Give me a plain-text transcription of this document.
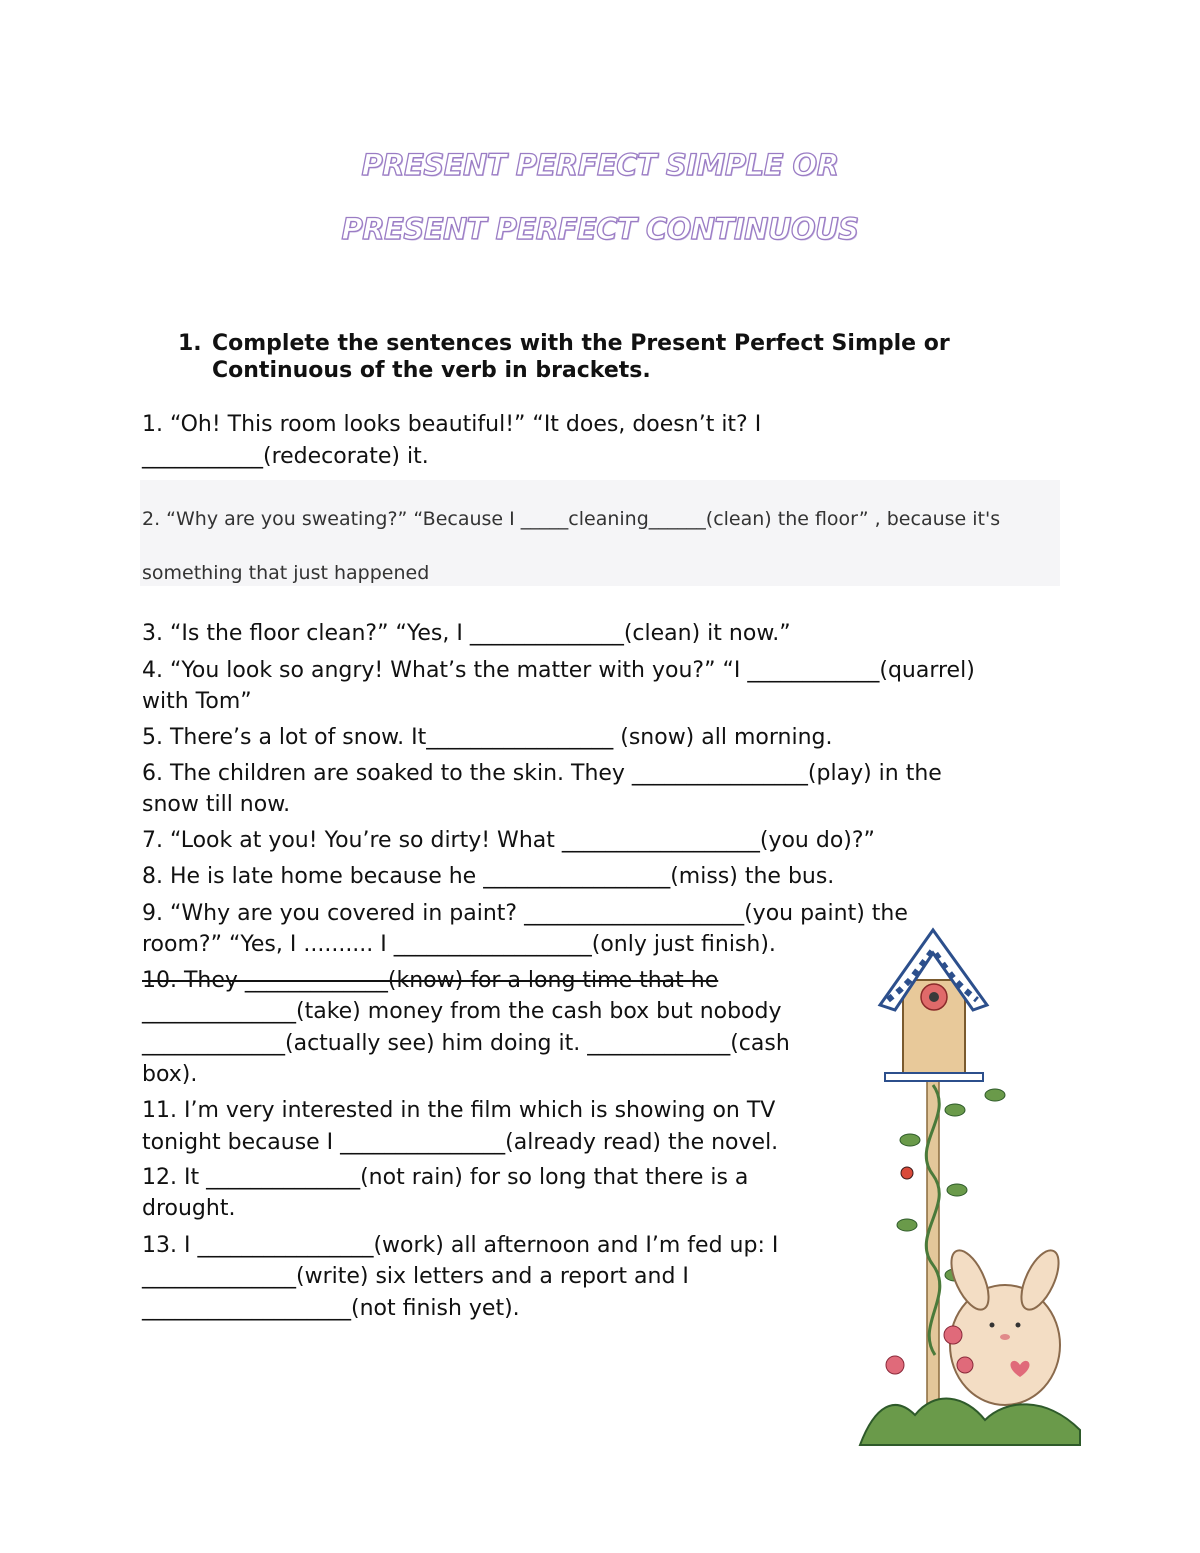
PRESENT PERFECT SIMPLE OR
PRESENT PERFECT CONTINUOUS
1. Complete the sentences with the Present Perfect Simple or Continuous of the verb in brackets.
1. “Oh! This room looks beautiful!” “It does, doesn’t it? I
___________(redecorate) it.
2. “Why are you sweating?” “Because I _____cleaning______(clean) the floor” , because it's
something that just happened
3. “Is the floor clean?” “Yes, I ______________(clean) it now.”
4. “You look so angry! What’s the matter with you?” “I ____________(quarrel)
with Tom”
5. There’s a lot of snow. It_________________ (snow) all morning.
6. The children are soaked to the skin. They ________________(play) in the
snow till now.
7. “Look at you! You’re so dirty! What __________________(you do)?”
8. He is late home because he _________________(miss) the bus.
9. “Why are you covered in paint? ____________________(you paint) the
room?” “Yes, I .......... I __________________(only just finish).
10. They _____________(know) for a long time that he
______________(take) money from the cash box but nobody
_____________(actually see) him doing it. _____________(cash
box).
11. I’m very interested in the film which is showing on TV
tonight because I _______________(already read) the novel.
12. It ______________(not rain) for so long that there is a
drought.
13. I ________________(work) all afternoon and I’m fed up: I
______________(write) six letters and a report and I
___________________(not finish yet).
